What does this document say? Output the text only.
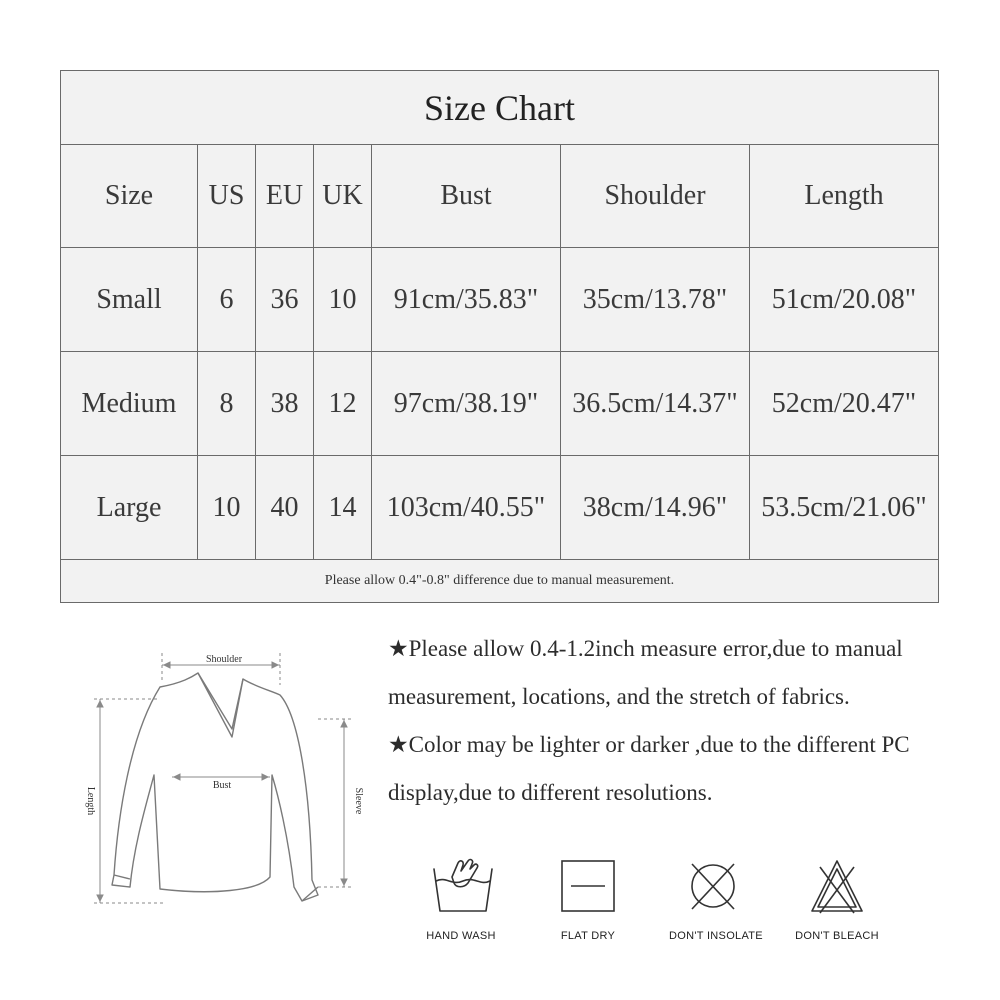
Size Chart						
Size	US	EU	UK	Bust	Shoulder	Length
Small	6	36	10	91cm/35.83"	35cm/13.78"	51cm/20.08"
Medium	8	38	12	97cm/38.19"	36.5cm/14.37"	52cm/20.47"
Large	10	40	14	103cm/40.55"	38cm/14.96"	53.5cm/21.06"
Please allow 0.4"-0.8" difference due to manual measurement.						
Shoulder
Bust
Length	Sleeve

★Please allow 0.4-1.2inch measure error,due to manual measurement, locations, and the stretch of fabrics.

★Color may be lighter or darker ,due to the different PC display,due to different resolutions.

HAND WASH	FLAT DRY	DON'T INSOLATE	DON'T BLEACH
